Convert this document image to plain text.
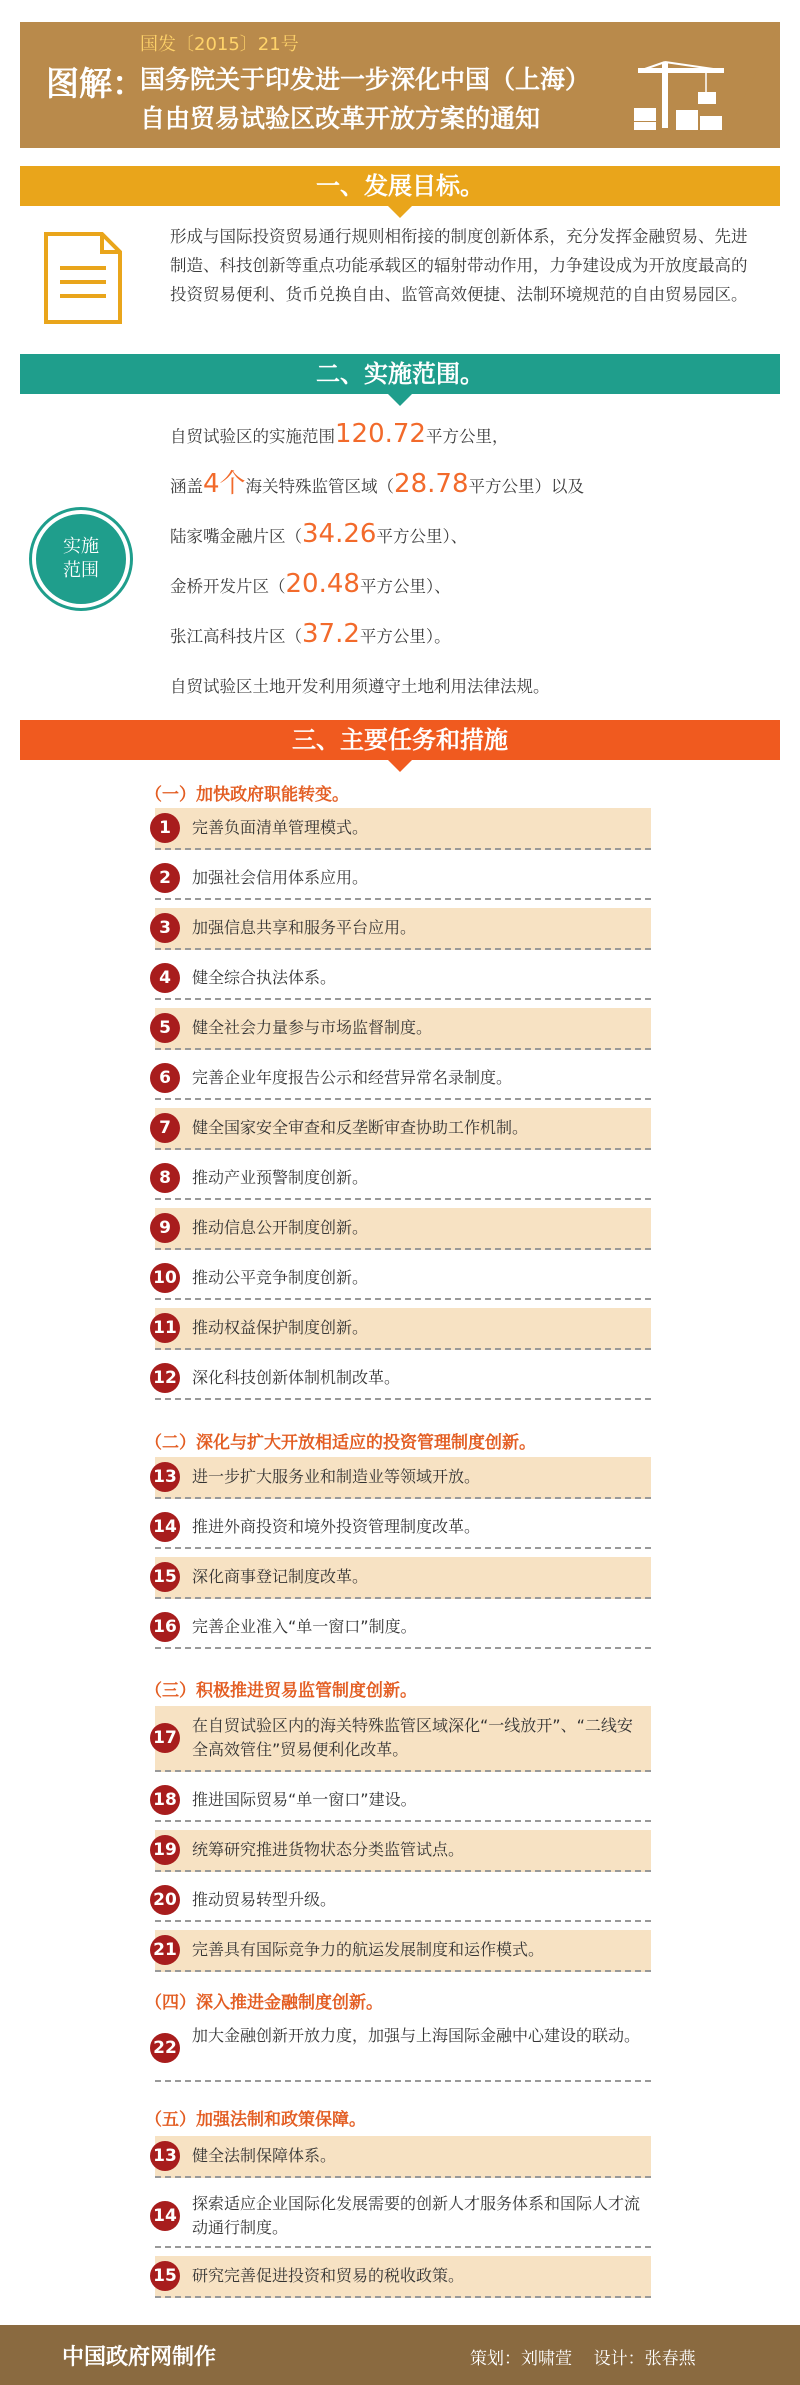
国发〔2015〕21号
图解：
国务院关于印发进一步深化中国（上海）
自由贸易试验区改革开放方案的通知
一、发展目标。
形成与国际投资贸易通行规则相衔接的制度创新体系，充分发挥金融贸易、先进制造、科技创新等重点功能承载区的辐射带动作用，力争建设成为开放度最高的投资贸易便利、货币兑换自由、监管高效便捷、法制环境规范的自由贸易园区。
二、实施范围。
实施
范围
自贸试验区的实施范围120.72平方公里，
涵盖4个海关特殊监管区域（28.78平方公里）以及
陆家嘴金融片区（34.26平方公里）、
金桥开发片区（20.48平方公里）、
张江高科技片区（37.2平方公里）。
自贸试验区土地开发利用须遵守土地利用法律法规。
三、主要任务和措施
（一）加快政府职能转变。
（二）深化与扩大开放相适应的投资管理制度创新。
（三）积极推进贸易监管制度创新。
（四）深入推进金融制度创新。
（五）加强法制和政策保障。
1	完善负面清单管理模式。
2	加强社会信用体系应用。
3	加强信息共享和服务平台应用。
4	健全综合执法体系。
5	健全社会力量参与市场监督制度。
6	完善企业年度报告公示和经营异常名录制度。
7	健全国家安全审查和反垄断审查协助工作机制。
8	推动产业预警制度创新。
9	推动信息公开制度创新。
10 推动公平竞争制度创新。
11 推动权益保护制度创新。
12 深化科技创新体制机制改革。
13 进一步扩大服务业和制造业等领域开放。
14 推进外商投资和境外投资管理制度改革。
15 深化商事登记制度改革。
16 完善企业准入“单一窗口”制度。
17
在自贸试验区内的海关特殊监管区域深化“一线放开”、“二线安全高效管住”贸易便利化改革。
18 推进国际贸易“单一窗口”建设。
19 统筹研究推进货物状态分类监管试点。
20 推动贸易转型升级。
21 完善具有国际竞争力的航运发展制度和运作模式。
22
加大金融创新开放力度，加强与上海国际金融中心建设的联动。
13 健全法制保障体系。
14
探索适应企业国际化发展需要的创新人才服务体系和国际人才流动通行制度。
15 研究完善促进投资和贸易的税收政策。
中国政府网制作	策划：刘啸萱    设计：张春燕
